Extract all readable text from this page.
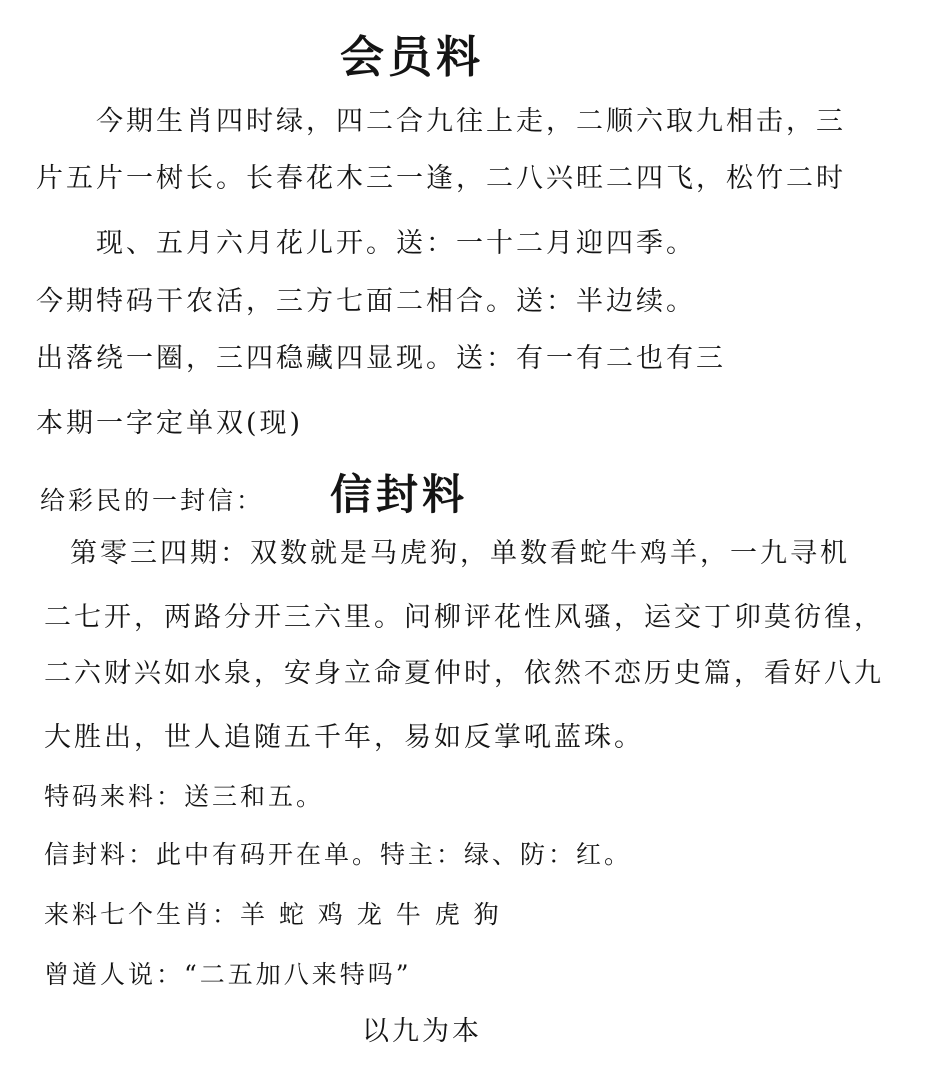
会员料
今期生肖四时绿，四二合九往上走，二顺六取九相击，三
片五片一树长。长春花木三一逢，二八兴旺二四飞，松竹二时
现、五月六月花儿开。送：一十二月迎四季。
今期特码干农活，三方七面二相合。送：半边续。
出落绕一圈，三四稳藏四显现。送：有一有二也有三
本期一字定单双(现)
给彩民的一封信： 信封料
第零三四期：双数就是马虎狗，单数看蛇牛鸡羊，一九寻机
二七开，两路分开三六里。问柳评花性风骚，运交丁卯莫彷徨，
二六财兴如水泉，安身立命夏仲时，依然不恋历史篇，看好八九
大胜出，世人追随五千年，易如反掌吼蓝珠。
特码来料：送三和五。
信封料：此中有码开在单。特主：绿、防：红。
来料七个生肖：羊 蛇 鸡 龙 牛 虎 狗
曾道人说：“二五加八来特吗”
以九为本
